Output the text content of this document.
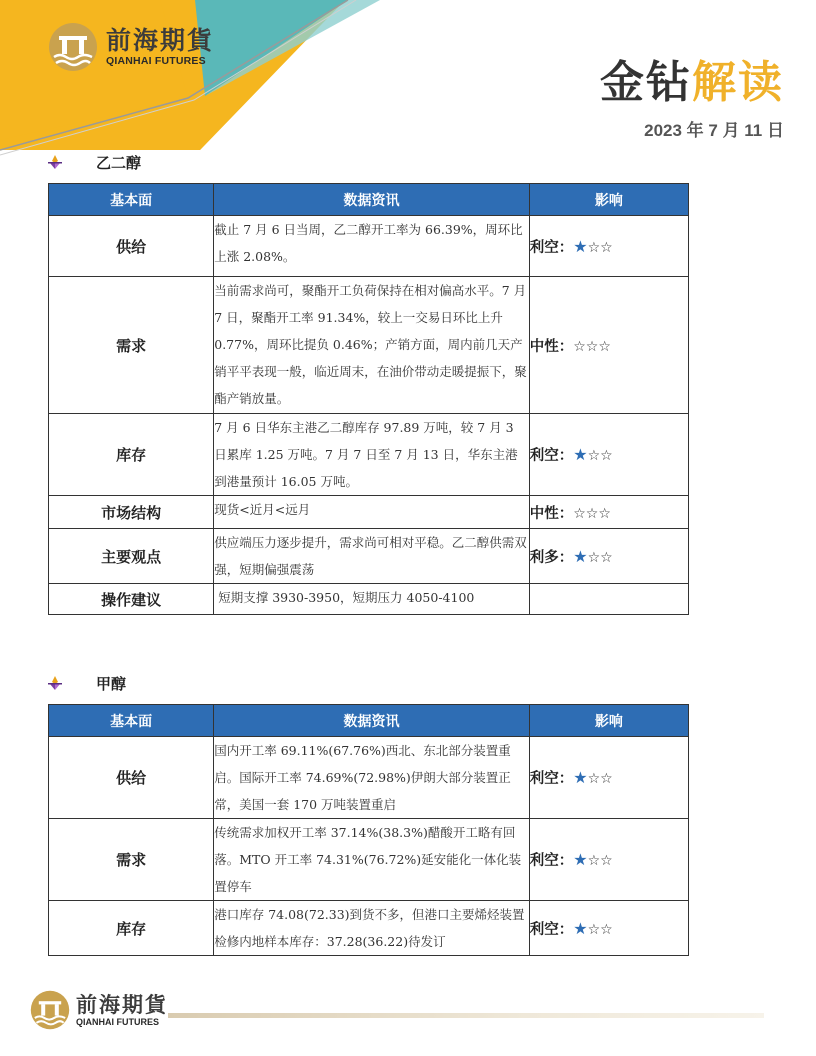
前海期貨
QIANHAI FUTURES	金钻解读
2023 年 7 月 11 日
乙二醇
基本面	数据资讯	影响
供给	截止 7 月 6 日当周，乙二醇开工率为 66.39%，周环比上涨 2.08%。	利空：★☆☆
需求	当前需求尚可，聚酯开工负荷保持在相对偏高水平。7 月 7 日，聚酯开工率 91.34%，较上一交易日环比上升 0.77%，周环比提负 0.46%；产销方面，周内前几天产销平平表现一般，临近周末，在油价带动走暖提振下，聚酯产销放量。	中性：☆☆☆
库存	7 月 6 日华东主港乙二醇库存 97.89 万吨，较 7 月 3 日累库 1.25 万吨。7 月 7 日至 7 月 13 日，华东主港到港量预计 16.05 万吨。	利空：★☆☆
市场结构	现货<近月<远月	中性：☆☆☆
主要观点	供应端压力逐步提升，需求尚可相对平稳。乙二醇供需双强，短期偏强震荡	利多：★☆☆
操作建议	短期支撑 3930-3950，短期压力 4050-4100	
甲醇
基本面	数据资讯	影响
供给	国内开工率 69.11%(67.76%)西北、东北部分装置重启。国际开工率 74.69%(72.98%)伊朗大部分装置正常，美国一套 170 万吨装置重启	利空：★☆☆
需求	传统需求加权开工率 37.14%(38.3%)醋酸开工略有回落。MTO 开工率 74.31%(76.72%)延安能化一体化装置停车	利空：★☆☆
库存	港口库存 74.08(72.33)到货不多，但港口主要烯烃装置检修内地样本库存：37.28(36.22)待发订	利空：★☆☆
前海期貨
QIANHAI FUTURES
